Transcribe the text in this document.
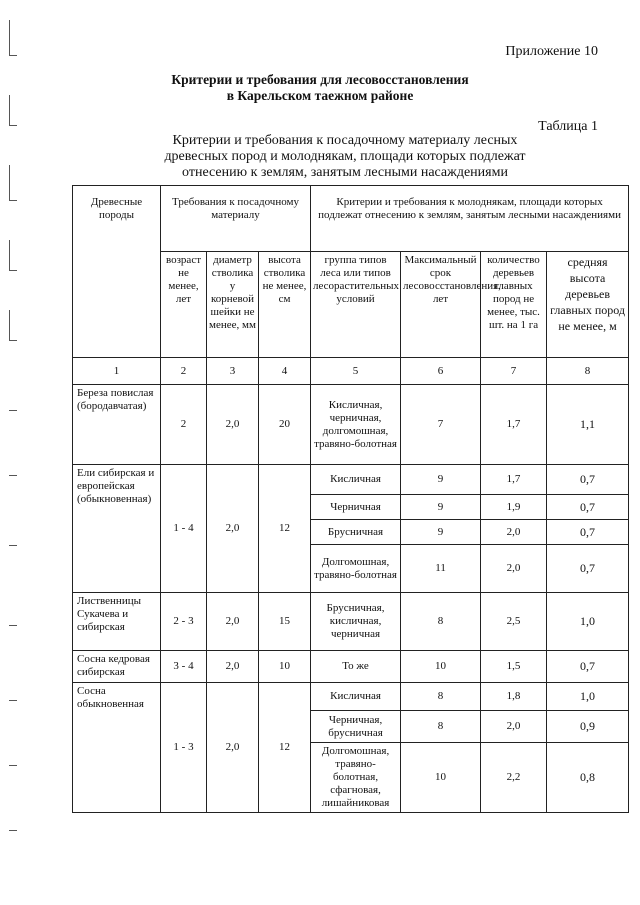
Приложение 10
Критерии и требования для лесовосстановления
в Карельском таежном районе
Таблица 1
Критерии и требования к посадочному материалу лесных
древесных пород и молоднякам, площади которых подлежат
отнесению к землям, занятым лесными насаждениями
Древесные породы	Требования к посадочному материалу			Критерии и требования к молоднякам, площади которых подлежат отнесению к землям, занятым лесными насаждениями			
	возраст не менее, лет	диаметр стволика у корневой шейки не менее, мм	высота стволика не менее, см	группа типов леса или типов лесорастительных условий	Максимальный срок лесовосстановления, лет	количество деревьев главных пород не менее, тыс. шт. на 1 га	средняя высота деревьев главных пород не менее, м
1	2	3	4	5	6	7	8
Береза повислая (бородавчатая)	2	2,0	20	Кисличная, черничная, долгомошная, травяно-болотная	7	1,7	1,1
Ели сибирская и европейская (обыкновенная)	1 - 4	2,0	12	Кисличная	9	1,7	0,7
				Черничная	9	1,9	0,7
				Брусничная	9	2,0	0,7
				Долгомошная, травяно-болотная	11	2,0	0,7
Лиственницы Сукачева и сибирская	2 - 3	2,0	15	Брусничная, кисличная, черничная	8	2,5	1,0
Сосна кедровая сибирская	3 - 4	2,0	10	То же	10	1,5	0,7
Сосна обыкновенная	1 - 3	2,0	12	Кисличная	8	1,8	1,0
				Черничная, брусничная	8	2,0	0,9
				Долгомошная, травяно-болотная, сфагновая, лишайниковая	10	2,2	0,8
